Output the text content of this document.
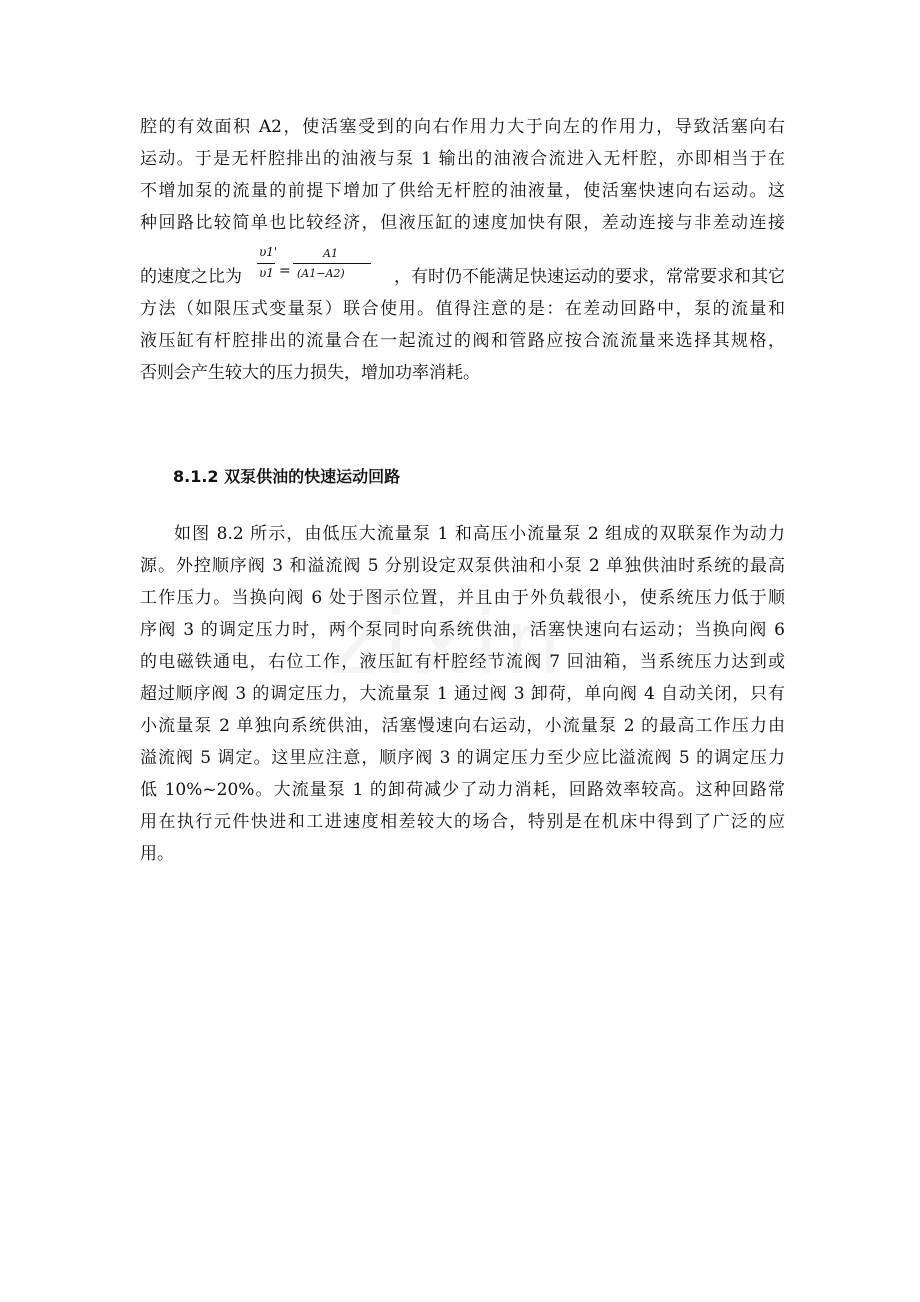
腔的有效面积 A2，使活塞受到的向右作用力大于向左的作用力，导致活塞向右
运动。于是无杆腔排出的油液与泵 1 输出的油液合流进入无杆腔，亦即相当于在
不增加泵的流量的前提下增加了供给无杆腔的油液量，使活塞快速向右运动。这
种回路比较简单也比较经济，但液压缸的速度加快有限，差动连接与非差动连接
的速度之比为
υ1'
υ1 =
A1
(A1−A2)	，有时仍不能满足快速运动的要求，常常要求和其它
方法（如限压式变量泵）联合使用。值得注意的是：在差动回路中，泵的流量和
液压缸有杆腔排出的流量合在一起流过的阀和管路应按合流流量来选择其规格，
否则会产生较大的压力损失，增加功率消耗。
8.1.2 双泵供油的快速运动回路
如图 8.2 所示，由低压大流量泵 1 和高压小流量泵 2 组成的双联泵作为动力
源。外控顺序阀 3 和溢流阀 5 分别设定双泵供油和小泵 2 单独供油时系统的最高
工作压力。当换向阀 6 处于图示位置，并且由于外负载很小，使系统压力低于顺
序阀 3 的调定压力时，两个泵同时向系统供油，活塞快速向右运动；当换向阀 6
的电磁铁通电，右位工作，液压缸有杆腔经节流阀 7 回油箱，当系统压力达到或
超过顺序阀 3 的调定压力，大流量泵 1 通过阀 3 卸荷，单向阀 4 自动关闭，只有
小流量泵 2 单独向系统供油，活塞慢速向右运动，小流量泵 2 的最高工作压力由
溢流阀 5 调定。这里应注意，顺序阀 3 的调定压力至少应比溢流阀 5 的调定压力
低 10%~20%。大流量泵 1 的卸荷减少了动力消耗，回路效率较高。这种回路常
用在执行元件快进和工进速度相差较大的场合，特别是在机床中得到了广泛的应
用。
